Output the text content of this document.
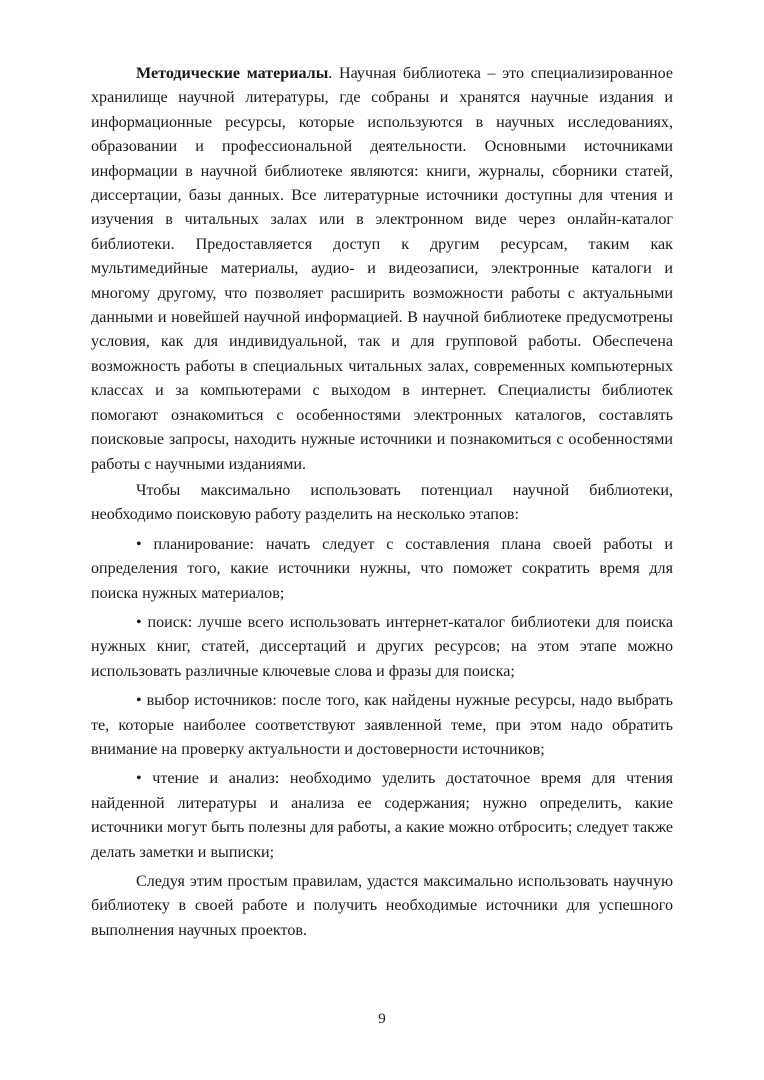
Методические материалы. Научная библиотека – это специализированное хранилище научной литературы, где собраны и хранятся научные издания и информационные ресурсы, которые используются в научных исследованиях, образовании и профессиональной деятельности. Основными источниками информации в научной библиотеке являются: книги, журналы, сборники статей, диссертации, базы данных. Все литературные источники доступны для чтения и изучения в читальных залах или в электронном виде через онлайн-каталог библиотеки. Предоставляется доступ к другим ресурсам, таким как мультимедийные материалы, аудио- и видеозаписи, электронные каталоги и многому другому, что позволяет расширить возможности работы с актуальными данными и новейшей научной информацией. В научной библиотеке предусмотрены условия, как для индивидуальной, так и для групповой работы. Обеспечена возможность работы в специальных читальных залах, современных компьютерных классах и за компьютерами с выходом в интернет. Специалисты библиотек помогают ознакомиться с особенностями электронных каталогов, составлять поисковые запросы, находить нужные источники и познакомиться с особенностями работы с научными изданиями.

Чтобы максимально использовать потенциал научной библиотеки, необходимо поисковую работу разделить на несколько этапов:

• планирование: начать следует с составления плана своей работы и определения того, какие источники нужны, что поможет сократить время для поиска нужных материалов;

• поиск: лучше всего использовать интернет-каталог библиотеки для поиска нужных книг, статей, диссертаций и других ресурсов; на этом этапе можно использовать различные ключевые слова и фразы для поиска;

• выбор источников: после того, как найдены нужные ресурсы, надо выбрать те, которые наиболее соответствуют заявленной теме, при этом надо обратить внимание на проверку актуальности и достоверности источников;

• чтение и анализ: необходимо уделить достаточное время для чтения найденной литературы и анализа ее содержания; нужно определить, какие источники могут быть полезны для работы, а какие можно отбросить; следует также делать заметки и выписки;

Следуя этим простым правилам, удастся максимально использовать научную библиотеку в своей работе и получить необходимые источники для успешного выполнения научных проектов.

9
